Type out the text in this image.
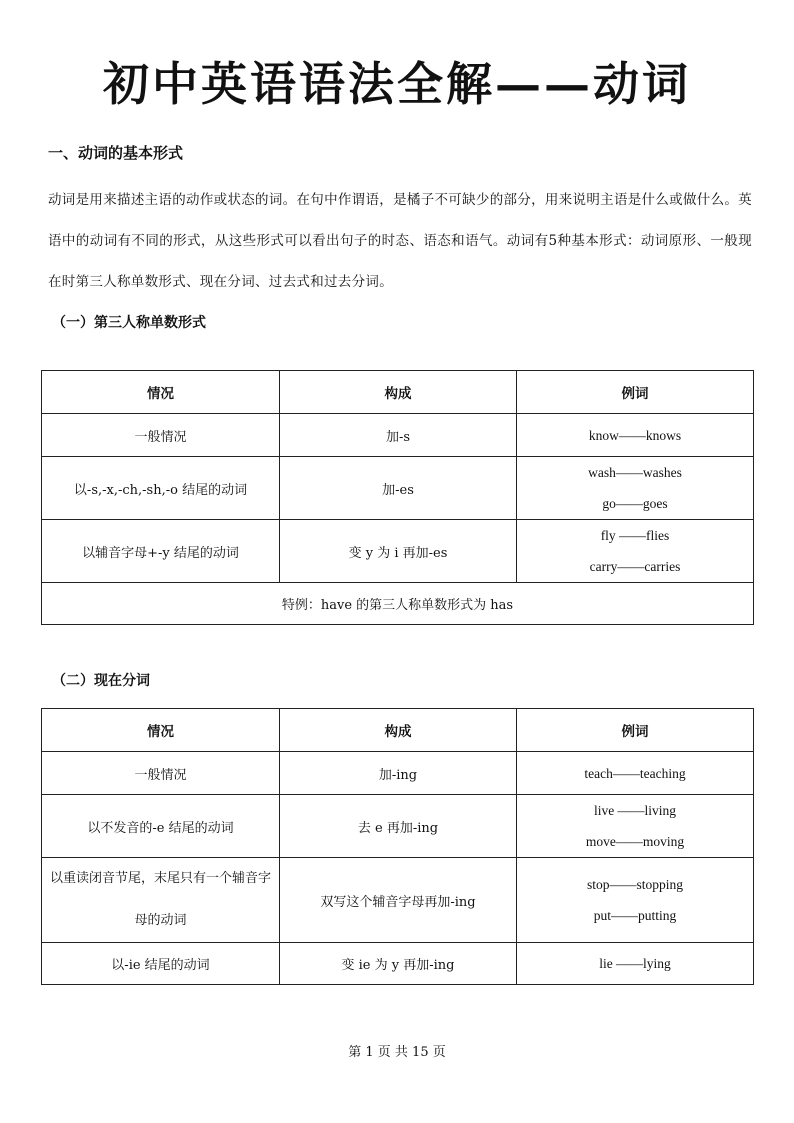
初中英语语法全解——动词
一、动词的基本形式
动词是用来描述主语的动作或状态的词。在句中作谓语，是橘子不可缺少的部分，用来说明主语是什么或做什么。英语中的动词有不同的形式，从这些形式可以看出句子的时态、语态和语气。动词有5种基本形式：动词原形、一般现在时第三人称单数形式、现在分词、过去式和过去分词。
（一）第三人称单数形式
情况	构成	例词
一般情况	加-s	know——knows

以-s,-x,-ch,-sh,-o 结尾的动词	加-es	wash——washes
go——goes

以辅音字母+-y 结尾的动词	变 y 为 i 再加-es	fly ——flies
carry——carries

特例：have 的第三人称单数形式为 has		
（二）现在分词
情况	构成	例词
一般情况	加-ing	teach——teaching

以不发音的-e 结尾的动词	去 e 再加-ing	live ——living
move——moving

以重读闭音节尾，末尾只有一个辅音字母的动词	双写这个辅音字母再加-ing	stop——stopping
put——putting

以-ie 结尾的动词	变 ie 为 y 再加-ing	lie ——lying
第 1 页 共 15 页
